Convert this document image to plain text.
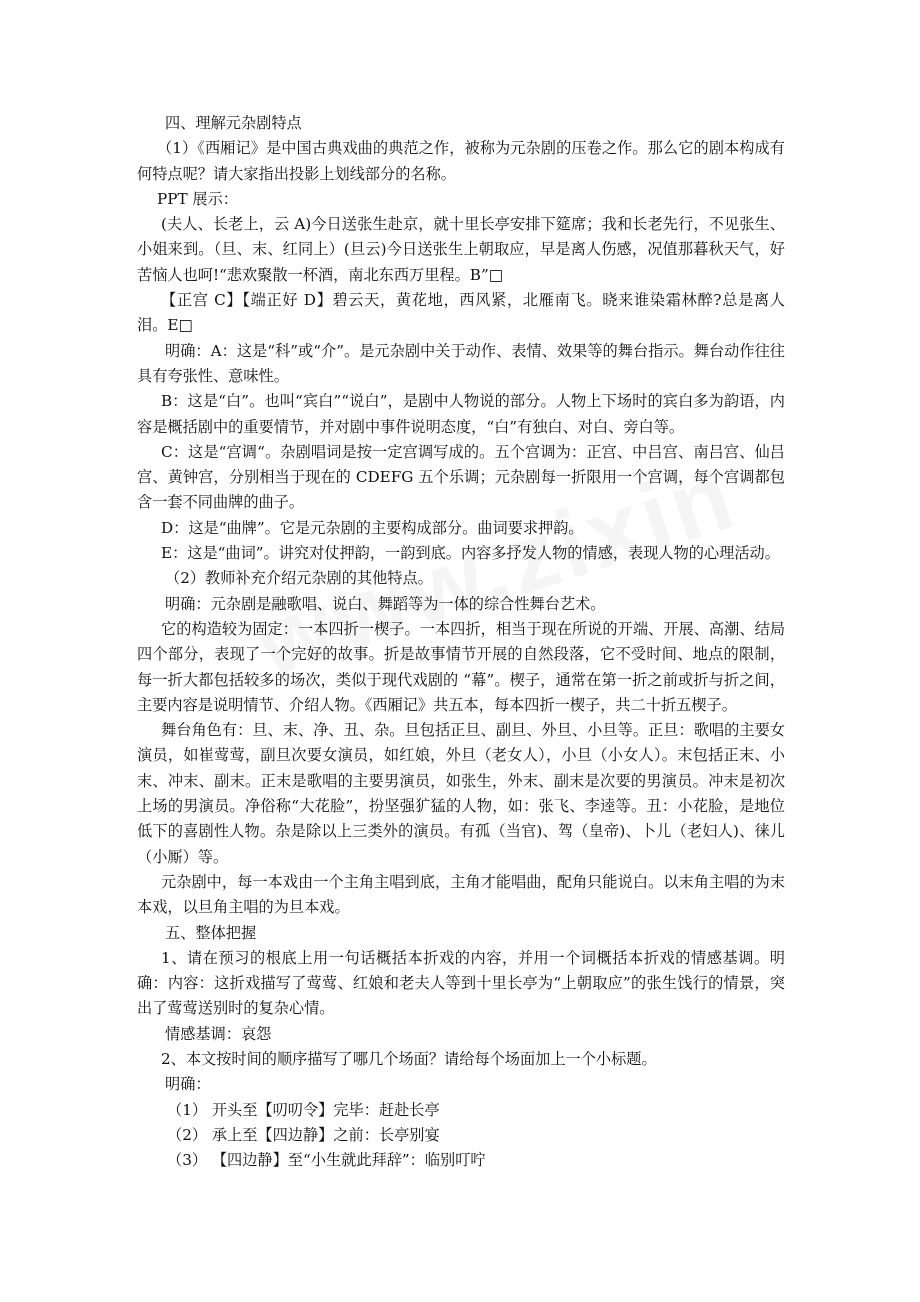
四、理解元杂剧特点

（1）《西厢记》是中国古典戏曲的典范之作，被称为元杂剧的压卷之作。那么它的剧本构成有何特点呢？请大家指出投影上划线部分的名称。

PPT 展示：

(夫人、长老上，云 A)今日送张生赴京，就十里长亭安排下筵席；我和长老先行，不见张生、小姐来到。（旦、末、红同上）(旦云)今日送张生上朝取应，早是离人伤感，况值那暮秋天气，好苦恼人也呵!“悲欢聚散一杯酒，南北东西万里程。B”□

【正宫 C】【端正好 D】碧云天，黄花地，西风紧，北雁南飞。晓来谁染霜林醉?总是离人泪。E□

明确：A：这是“科”或“介”。是元杂剧中关于动作、表情、效果等的舞台指示。舞台动作往往具有夸张性、意味性。

B：这是“白”。也叫“宾白”“说白”，是剧中人物说的部分。人物上下场时的宾白多为韵语，内容是概括剧中的重要情节，并对剧中事件说明态度，“白”有独白、对白、旁白等。

C：这是“宫调“。杂剧唱词是按一定宫调写成的。五个宫调为：正宫、中吕宫、南吕宫、仙吕宫、黄钟宫，分别相当于现在的 CDEFG 五个乐调；元杂剧每一折限用一个宫调，每个宫调都包含一套不同曲牌的曲子。

D：这是“曲牌”。它是元杂剧的主要构成部分。曲词要求押韵。

E：这是“曲词”。讲究对仗押韵，一韵到底。内容多抒发人物的情感，表现人物的心理活动。

（2）教师补充介绍元杂剧的其他特点。

明确：元杂剧是融歌唱、说白、舞蹈等为一体的综合性舞台艺术。

它的构造较为固定：一本四折一楔子。一本四折，相当于现在所说的开端、开展、高潮、结局四个部分，表现了一个完好的故事。折是故事情节开展的自然段落，它不受时间、地点的限制，每一折大都包括较多的场次，类似于现代戏剧的 “幕”。楔子，通常在第一折之前或折与折之间，主要内容是说明情节、介绍人物。《西厢记》共五本，每本四折一楔子，共二十折五楔子。

舞台角色有：旦、末、净、丑、杂。旦包括正旦、副旦、外旦、小旦等。正旦：歌唱的主要女演员，如崔莺莺，副旦次要女演员，如红娘，外旦（老女人），小旦（小女人）。末包括正末、小末、冲末、副末。正末是歌唱的主要男演员，如张生，外末、副末是次要的男演员。冲末是初次上场的男演员。净俗称“大花脸”，扮坚强犷猛的人物，如：张飞、李逵等。丑：小花脸，是地位低下的喜剧性人物。杂是除以上三类外的演员。有孤（当官)、驾（皇帝)、卜儿（老妇人)、徕儿（小厮）等。

元杂剧中，每一本戏由一个主角主唱到底，主角才能唱曲，配角只能说白。以末角主唱的为末本戏，以旦角主唱的为旦本戏。

五、整体把握

1、请在预习的根底上用一句话概括本折戏的内容，并用一个词概括本折戏的情感基调。明确：内容：这折戏描写了莺莺、红娘和老夫人等到十里长亭为“上朝取应”的张生饯行的情景，突出了莺莺送别时的复杂心情。

情感基调：哀怨

2、本文按时间的顺序描写了哪几个场面？请给每个场面加上一个小标题。

明确：

（1） 开头至【叨叨令】完毕：赶赴长亭

（2） 承上至【四边静】之前：长亭别宴

（3） 【四边静】至“小生就此拜辞”：临别叮咛
